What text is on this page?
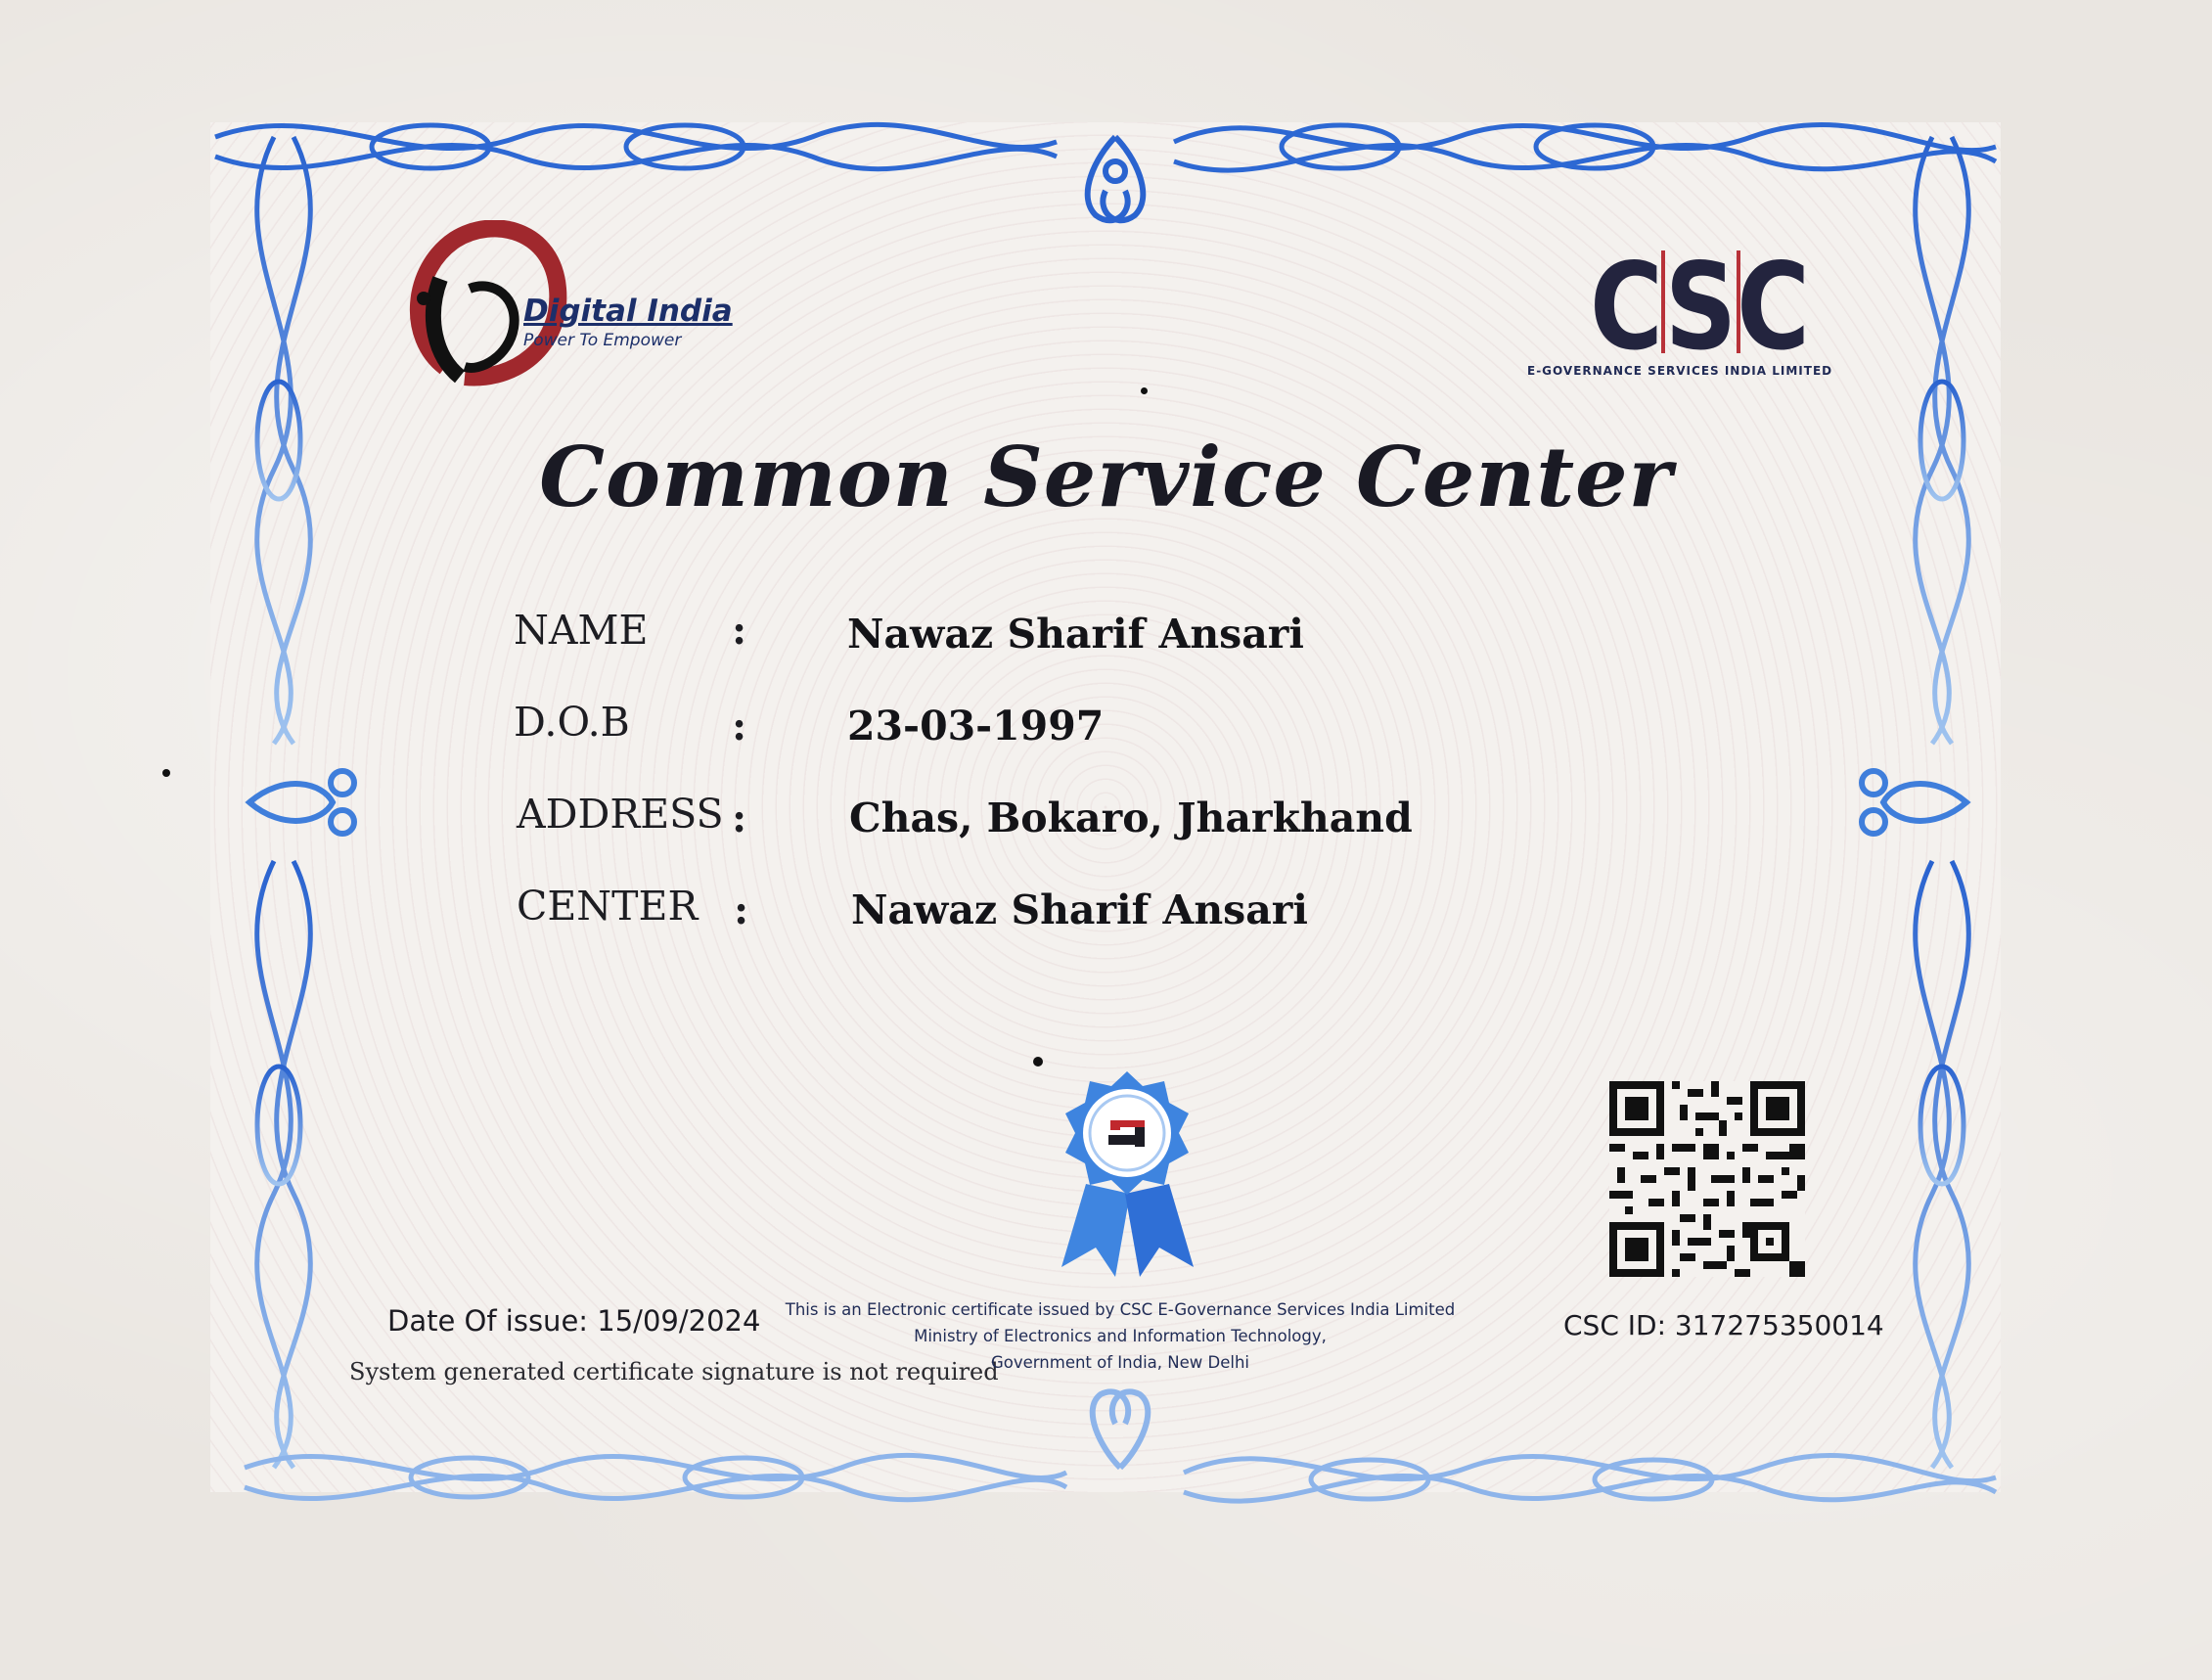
Digital India
Power To Empower	CSC
E-GOVERNANCE SERVICES INDIA LIMITED
Common Service Center
NAME :	Nawaz Sharif Ansari
D.O.B	:	23-03-1997
ADDRESS :	Chas, Bokaro, Jharkhand
CENTER :	Nawaz Sharif Ansari
Date Of issue: 15/09/2024
System generated certificate signature is not required
This is an Electronic certificate issued by CSC E-Governance Services India Limited
Ministry of Electronics and Information Technology,
Government of India, New Delhi
CSC ID: 317275350014
